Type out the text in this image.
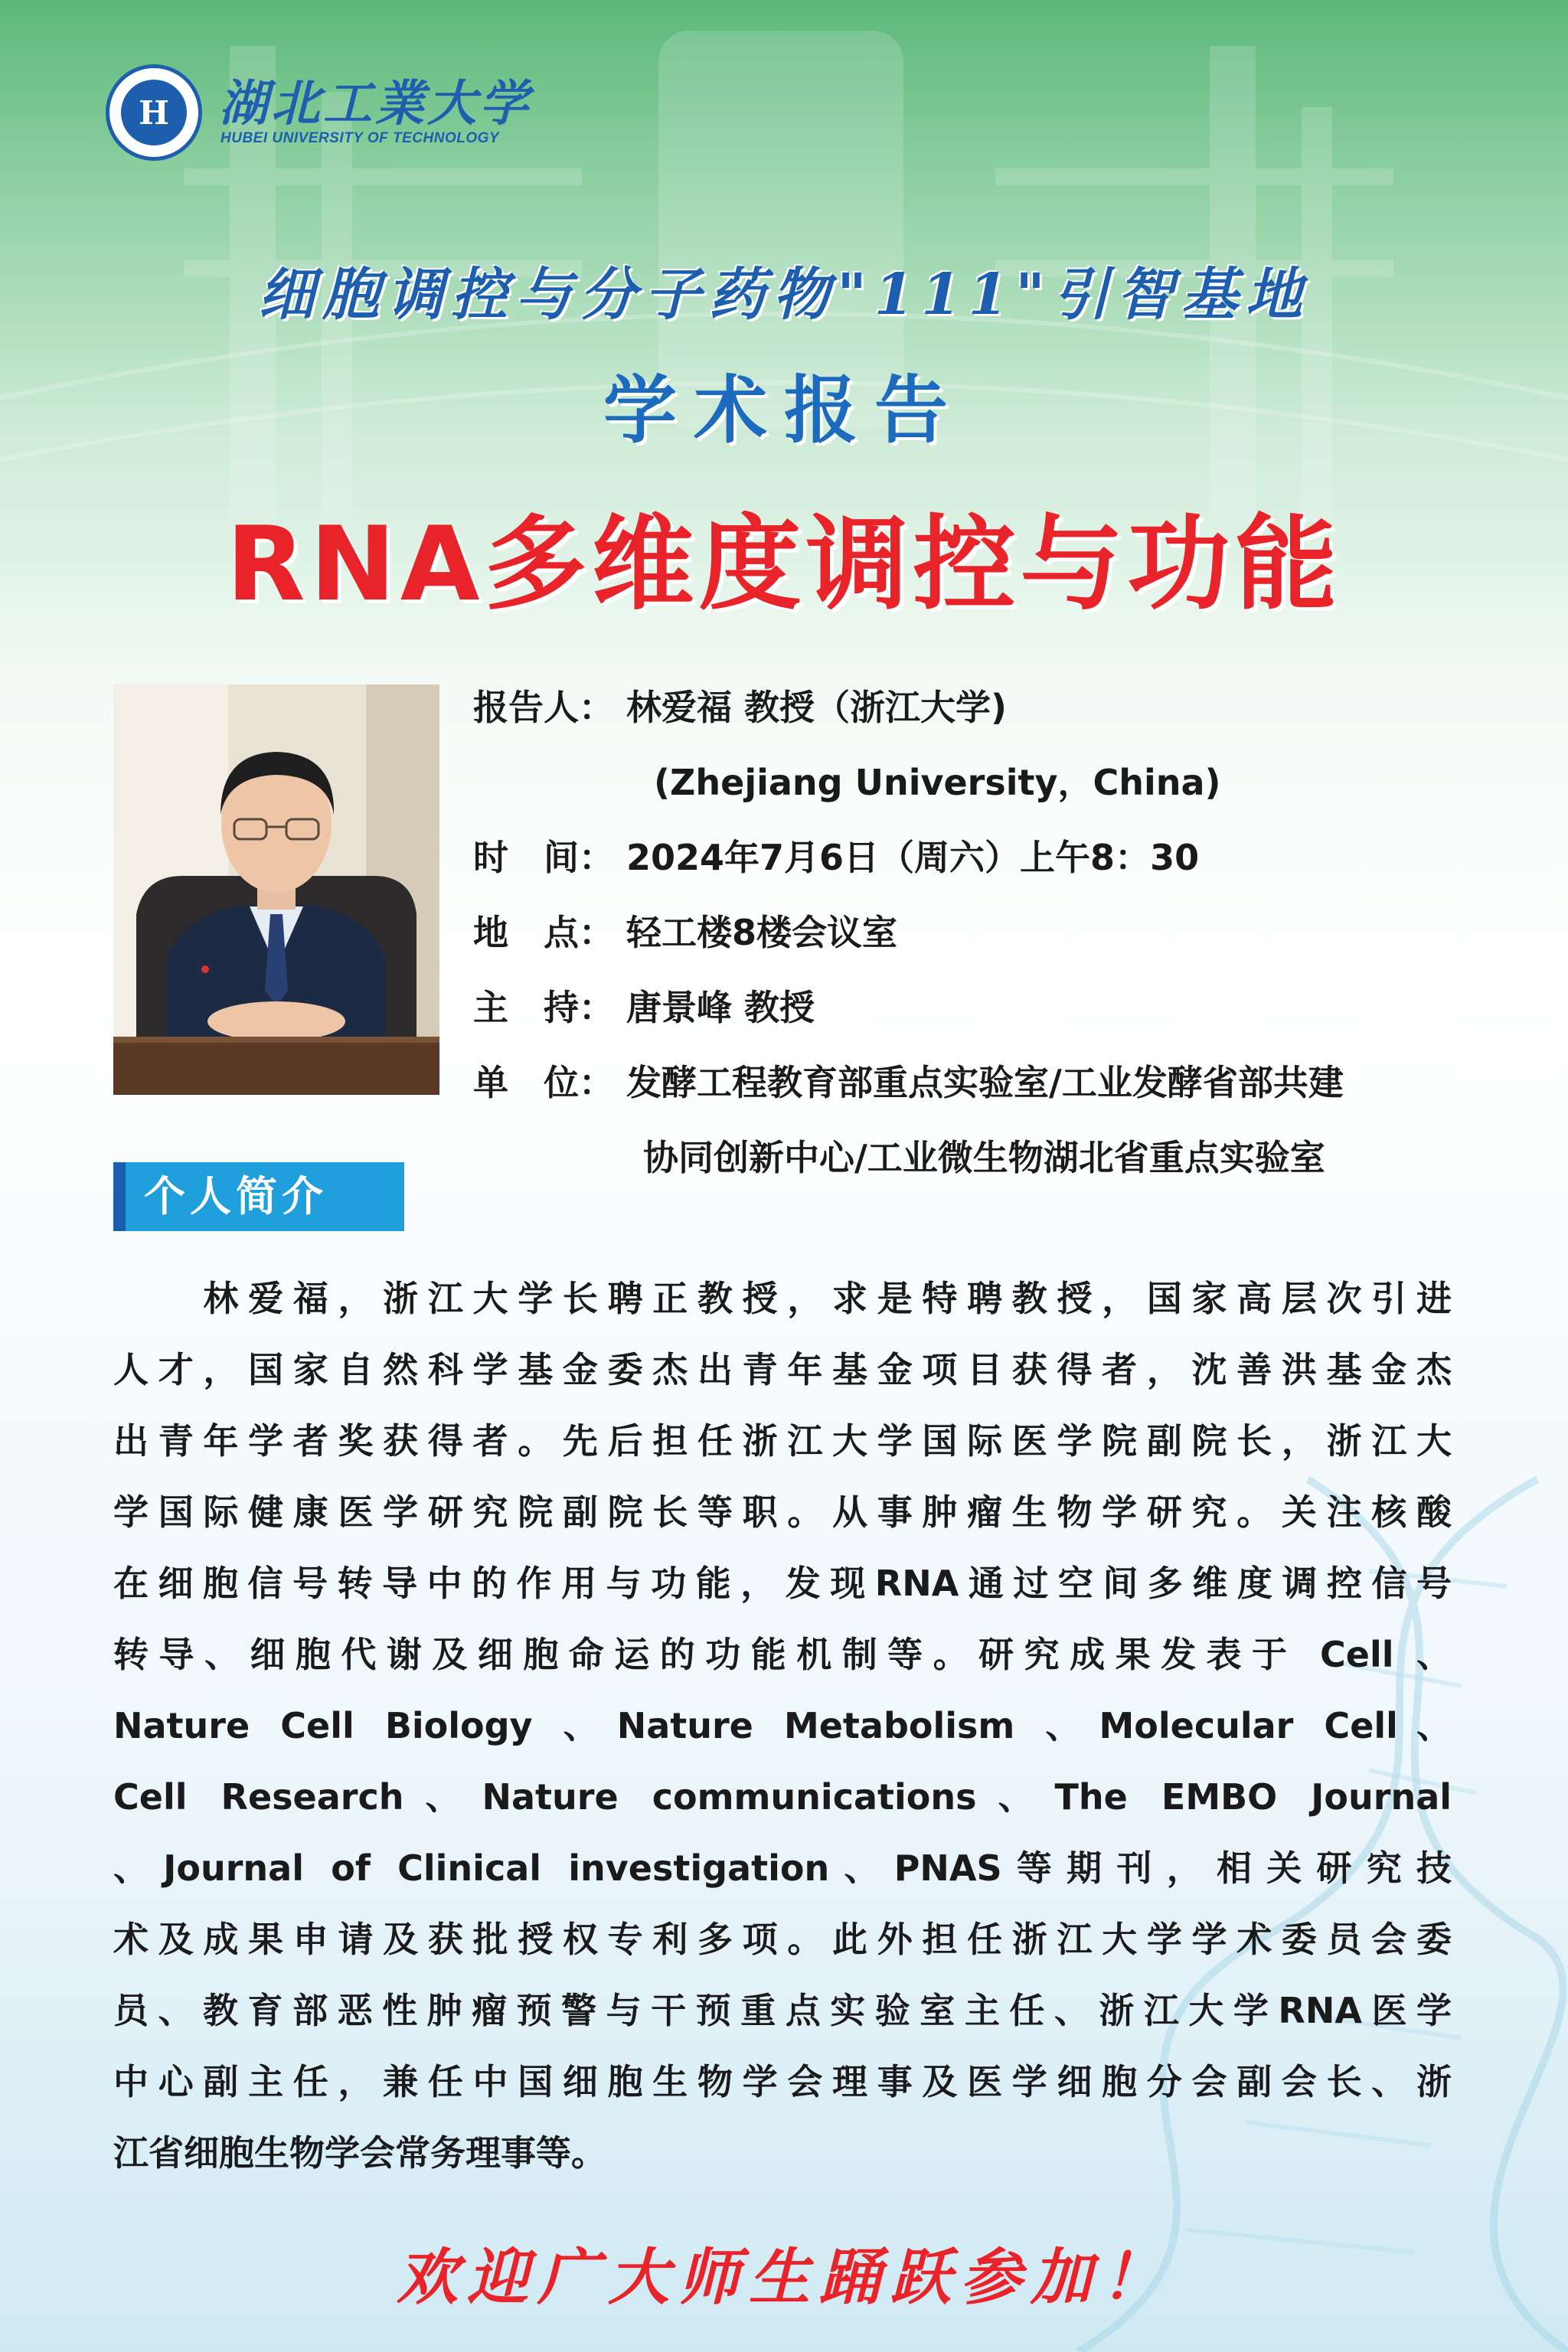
H	湖北工業大学
HUBEI UNIVERSITY OF TECHNOLOGY
细胞调控与分子药物"111"引智基地
学术报告
RNA多维度调控与功能
报告人： 林爱福 教授（浙江大学)
(Zhejiang University，China)
时　间： 2024年7月6日（周六）上午8：30
地　点： 轻工楼8楼会议室
主　持： 唐景峰 教授
单　位： 发酵工程教育部重点实验室/工业发酵省部共建
协同创新中心/工业微生物湖北省重点实验室
个人简介
　　林爱福，浙江大学长聘正教授，求是特聘教授，国家高层次引进
人才，国家自然科学基金委杰出青年基金项目获得者，沈善洪基金杰
出青年学者奖获得者。先后担任浙江大学国际医学院副院长，浙江大
学国际健康医学研究院副院长等职。从事肿瘤生物学研究。关注核酸
在细胞信号转导中的作用与功能，发现RNA通过空间多维度调控信号
转导、细胞代谢及细胞命运的功能机制等。研究成果发表于 Cell 、
Nature Cell Biology 、Nature Metabolism 、Molecular Cell、
Cell Research、Nature communications、The EMBO Journal
、Journal of Clinical investigation、PNAS等期刊，相关研究技
术及成果申请及获批授权专利多项。此外担任浙江大学学术委员会委
员、教育部恶性肿瘤预警与干预重点实验室主任、浙江大学RNA医学
中心副主任，兼任中国细胞生物学会理事及医学细胞分会副会长、浙
江省细胞生物学会常务理事等。
欢迎广大师生踊跃参加！
